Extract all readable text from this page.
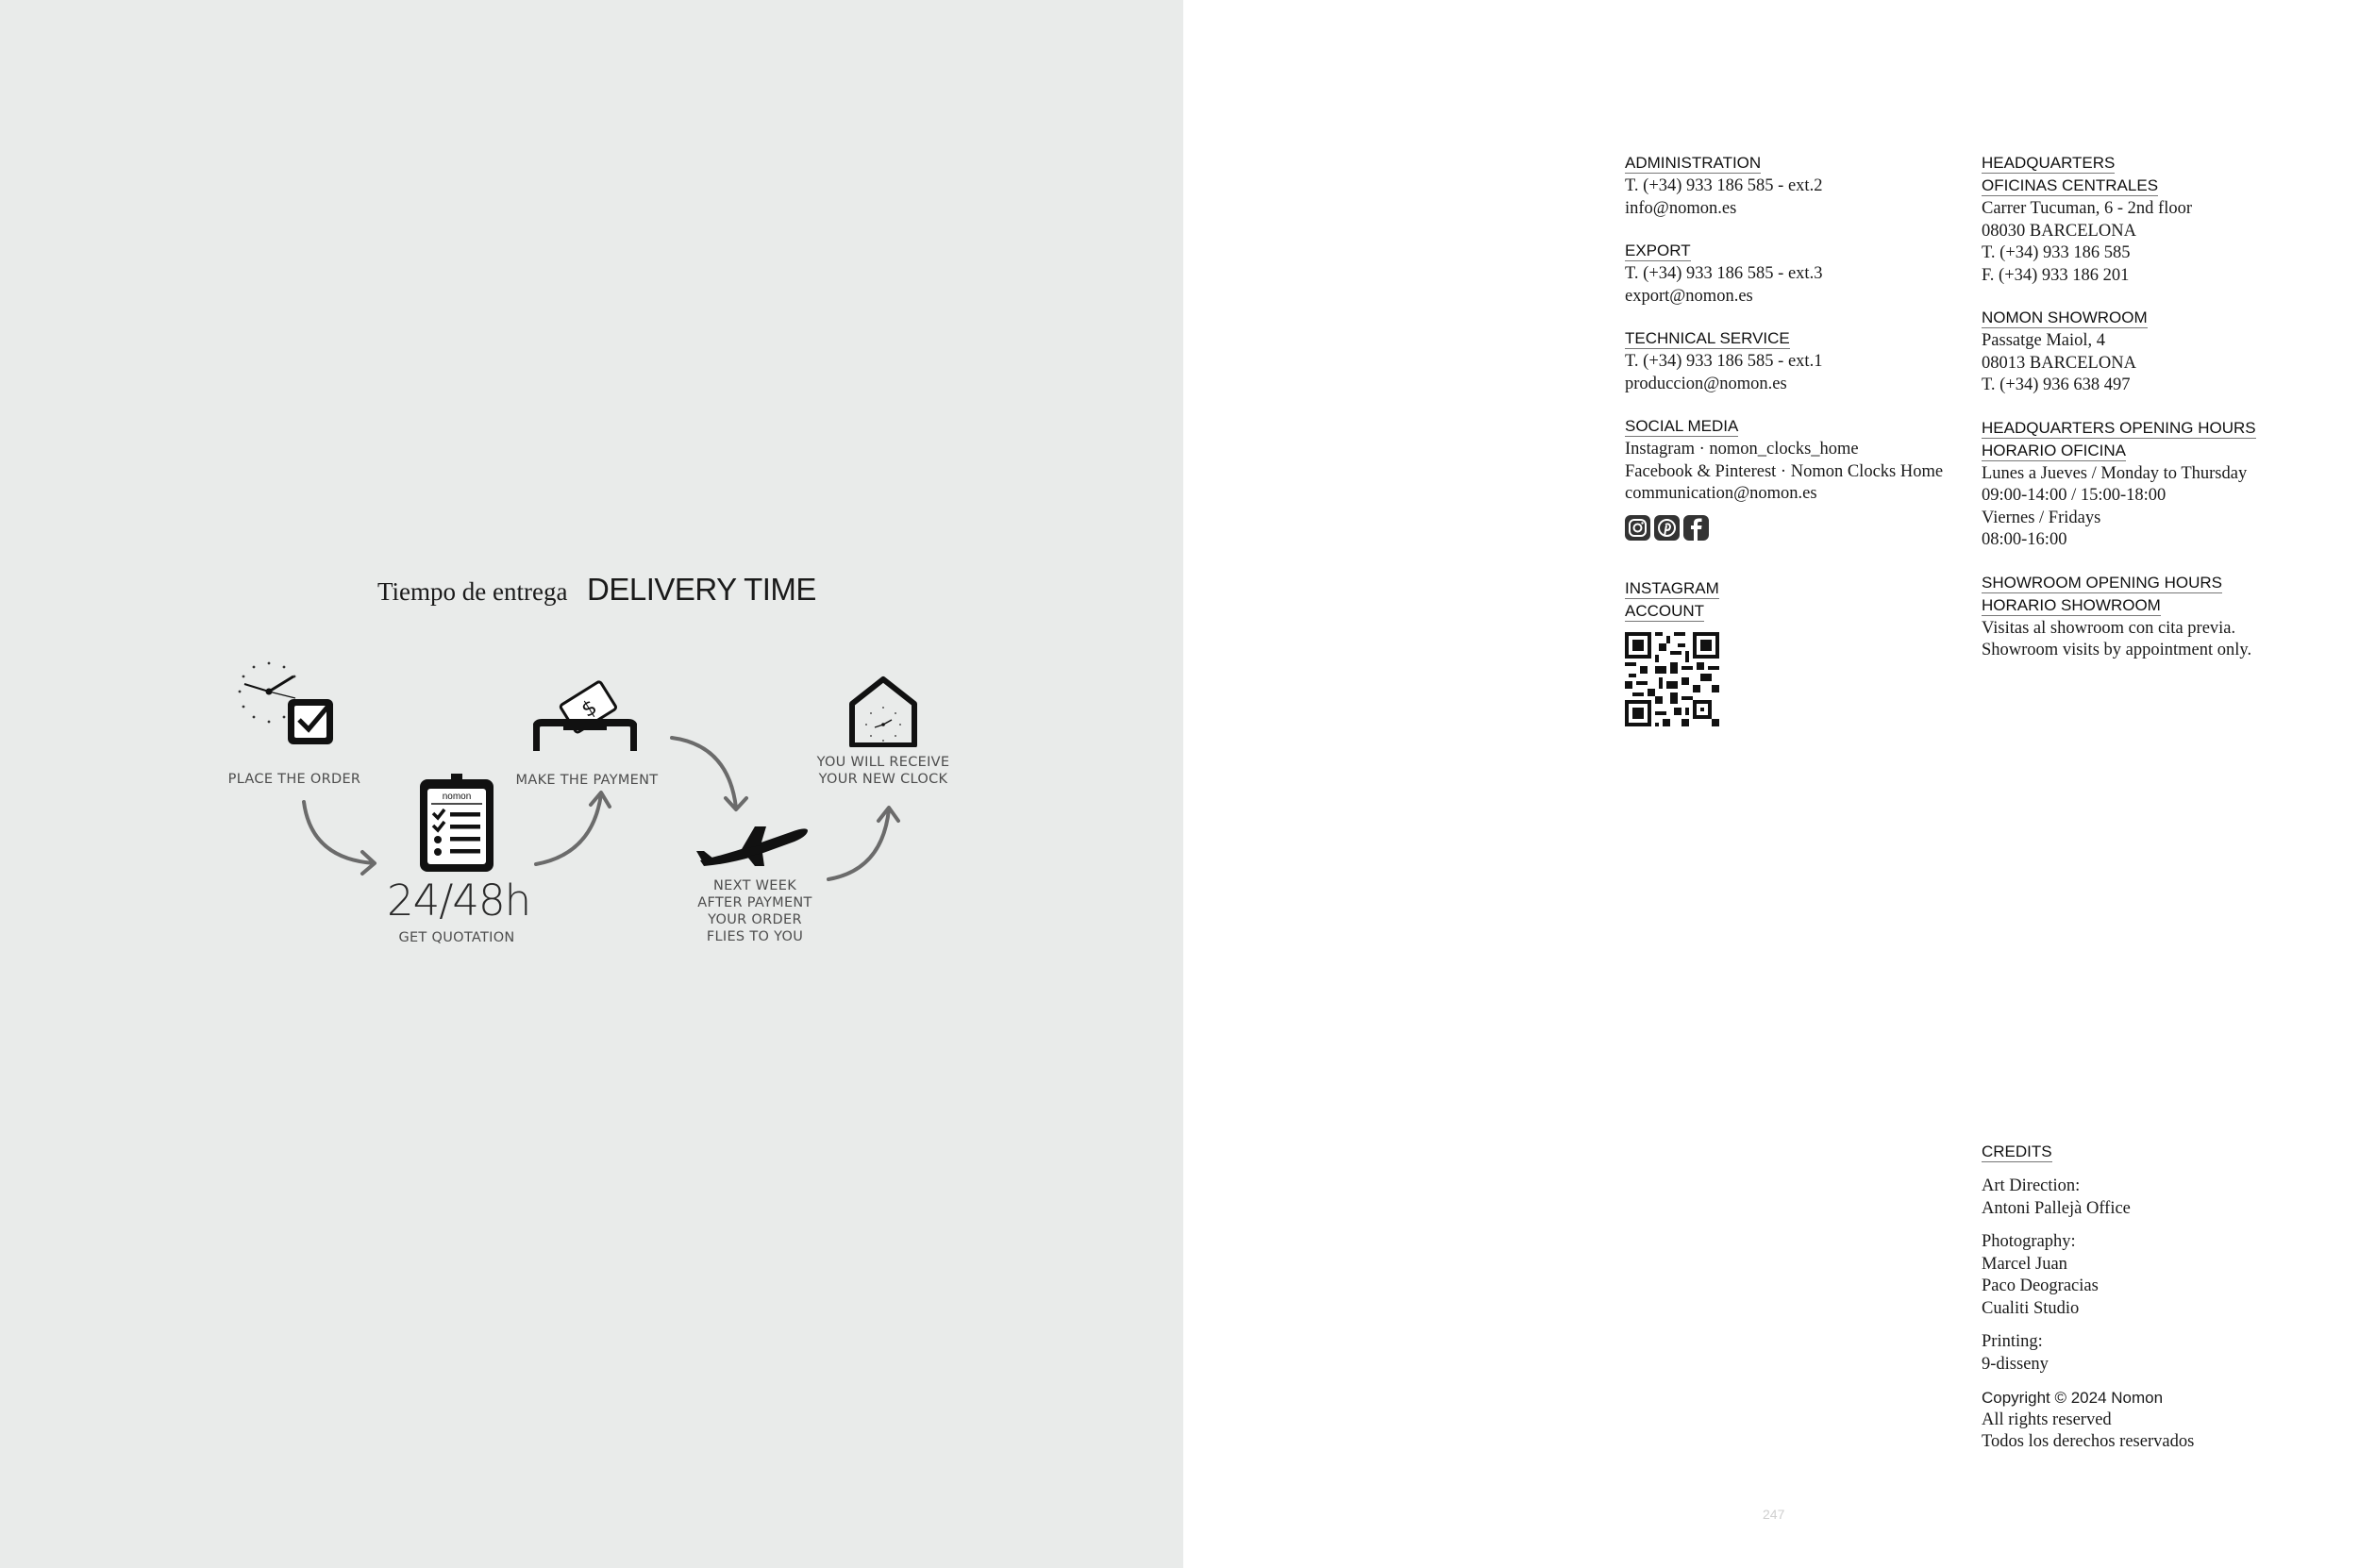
Tiempo de entrega DELIVERY TIME
PLACE THE ORDER
nomon
24/48h
GET QUOTATION
$
MAKE THE PAYMENT
NEXT WEEK
AFTER PAYMENT
YOUR ORDER
FLIES TO YOU
YOU WILL RECEIVE
YOUR NEW CLOCK
ADMINISTRATION
T. (+34) 933 186 585 - ext.2
info@nomon.es
EXPORT
T. (+34) 933 186 585 - ext.3
export@nomon.es
TECHNICAL SERVICE
T. (+34) 933 186 585 - ext.1
produccion@nomon.es
SOCIAL MEDIA
Instagram · nomon_clocks_home
Facebook & Pinterest · Nomon Clocks Home
communication@nomon.es
INSTAGRAM
ACCOUNT
HEADQUARTERS
OFICINAS CENTRALES
Carrer Tucuman, 6 - 2nd floor
08030 BARCELONA
T. (+34) 933 186 585
F. (+34) 933 186 201
NOMON SHOWROOM
Passatge Maiol, 4
08013 BARCELONA
T. (+34) 936 638 497
HEADQUARTERS OPENING HOURS
HORARIO OFICINA
Lunes a Jueves / Monday to Thursday
09:00-14:00 / 15:00-18:00
Viernes / Fridays
08:00-16:00
SHOWROOM OPENING HOURS
HORARIO SHOWROOM
Visitas al showroom con cita previa.
Showroom visits by appointment only.
CREDITS
Art Direction:
Antoni Pallejà Office
Photography:
Marcel Juan
Paco Deogracias
Cualiti Studio
Printing:
9-disseny
Copyright © 2024 Nomon
All rights reserved
Todos los derechos reservados
247
